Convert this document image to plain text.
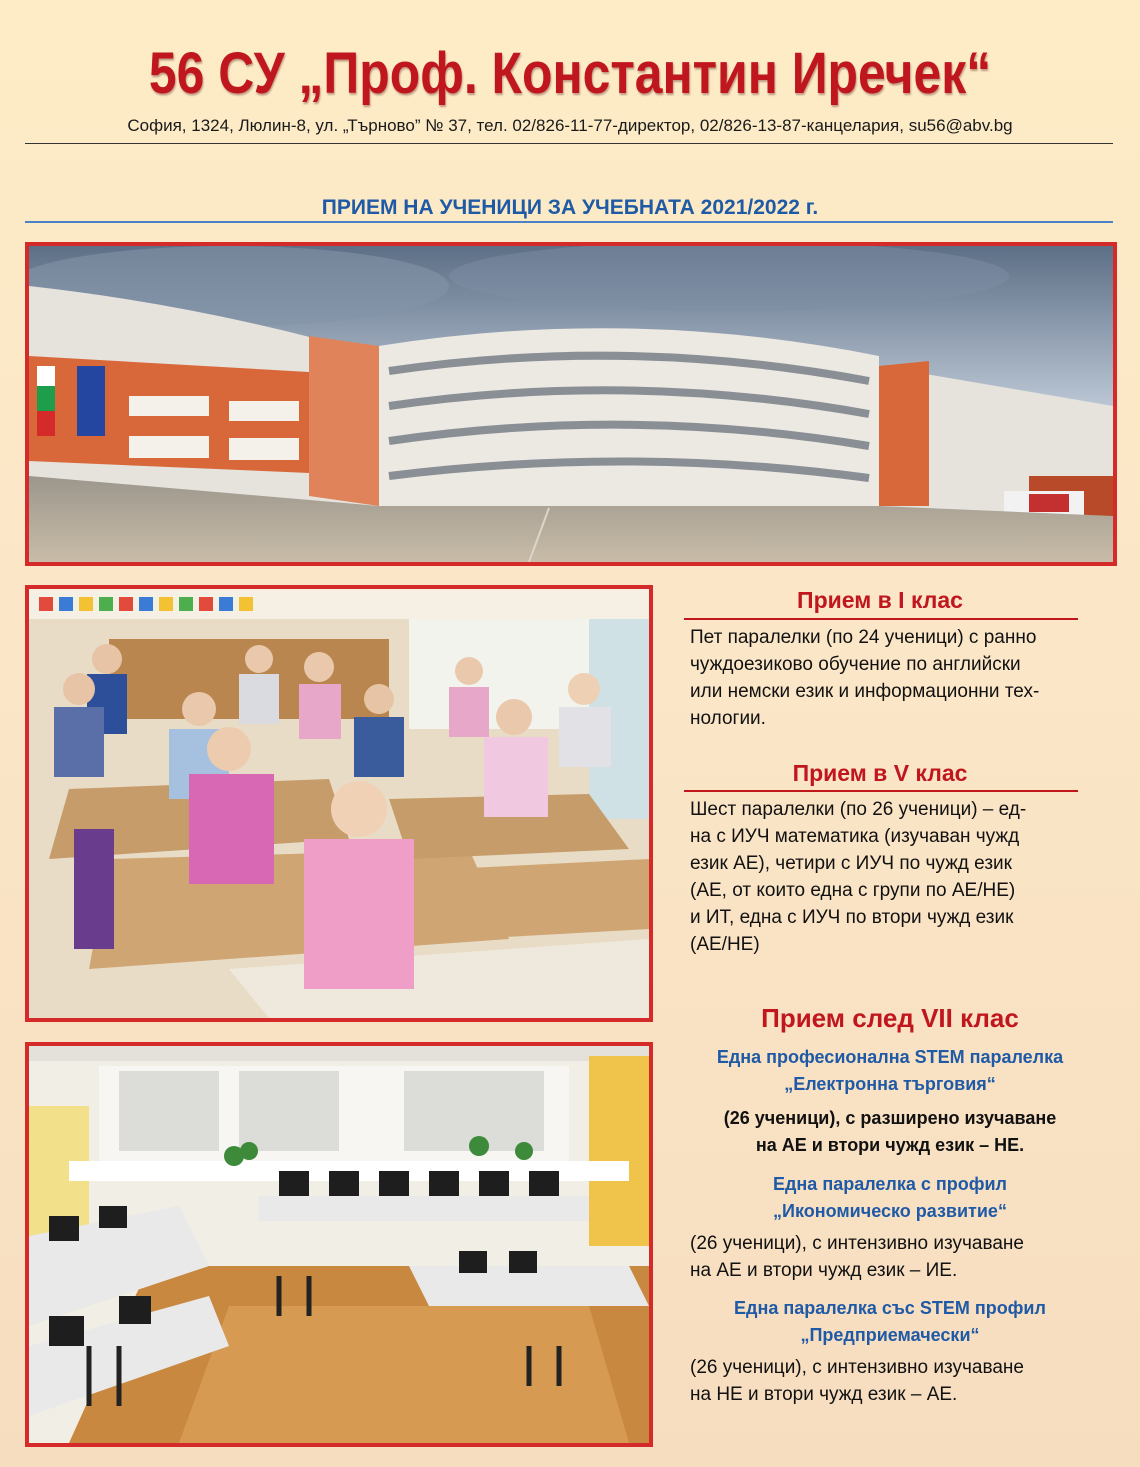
56 СУ „Проф. Константин Иречек“
София, 1324, Люлин-8, ул. „Търново” № 37, тел. 02/826-11-77-директор, 02/826-13-87-канцелария, su56@abv.bg
ПРИЕМ НА УЧЕНИЦИ ЗА УЧЕБНАТА 2021/2022 г.
Прием в I клас
Пет паралелки (по 24 ученици) с ранно
чуждоезиково обучение по английски
или немски език и информационни тех-
нологии.
Прием в V клас
Шест паралелки (по 26 ученици) – ед-
на с ИУЧ математика (изучаван чужд
език АЕ), четири с ИУЧ по чужд език
(АЕ, от които една с групи по АЕ/НЕ)
и ИТ, една с ИУЧ по втори чужд език
(АЕ/НЕ)
Прием след VII клас
Една професионална STEM паралелка
„Електронна търговия“
(26 ученици), с разширено изучаване
на АЕ и втори чужд език – НЕ.
Една паралелка с профил
„Икономическо развитие“
(26 ученици), с интензивно изучаване
на АЕ и втори чужд език – ИЕ.
Една паралелка със STEM профил
„Предприемачески“
(26 ученици), с интензивно изучаване
на НЕ и втори чужд език – АЕ.
